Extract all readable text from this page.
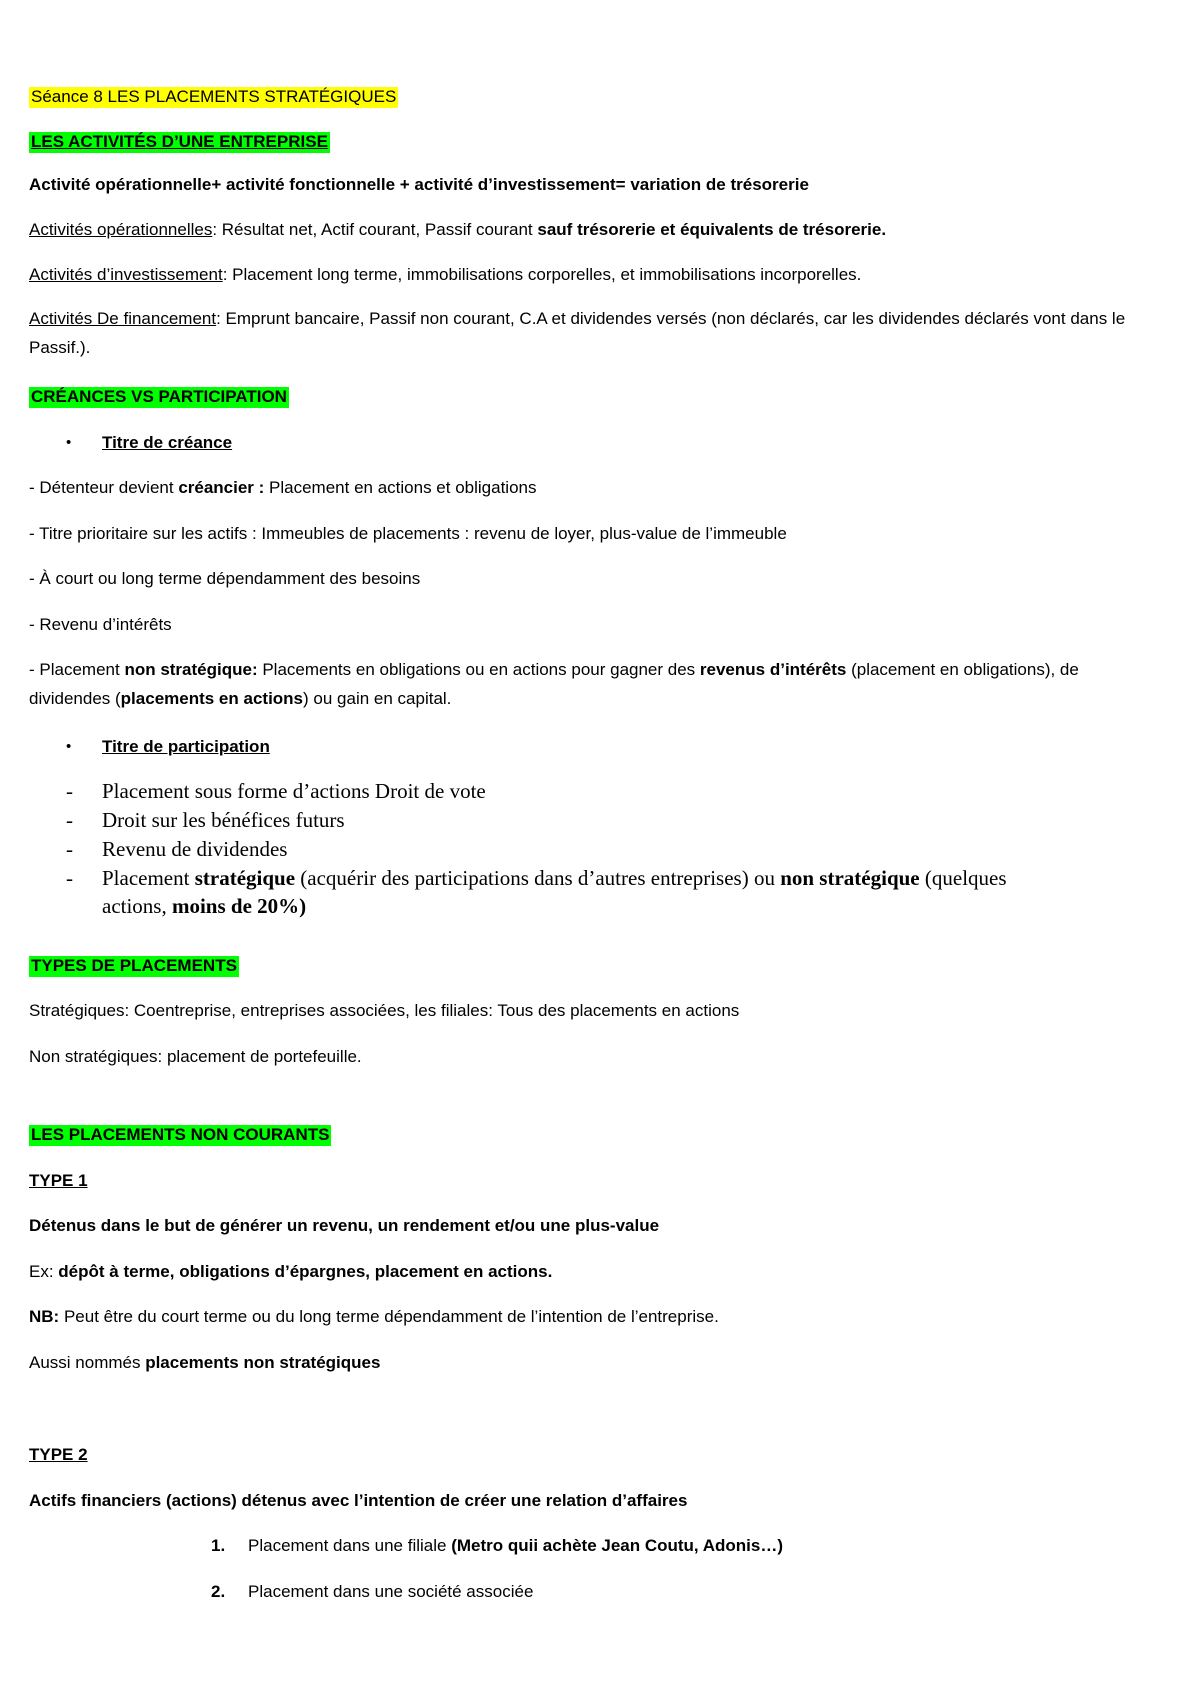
Séance 8 LES PLACEMENTS STRATÉGIQUES
LES ACTIVITÉS D’UNE ENTREPRISE
Activité opérationnelle+ activité fonctionnelle + activité d’investissement= variation de trésorerie
Activités opérationnelles: Résultat net, Actif courant, Passif courant sauf trésorerie et équivalents de trésorerie.
Activités d’investissement: Placement long terme, immobilisations corporelles, et immobilisations incorporelles.
Activités De financement: Emprunt bancaire, Passif non courant, C.A et dividendes versés (non déclarés, car les dividendes déclarés vont dans le Passif.).
CRÉANCES VS PARTICIPATION
• Titre de créance
- Détenteur devient créancier : Placement en actions et obligations
- Titre prioritaire sur les actifs : Immeubles de placements : revenu de loyer, plus-value de l’immeuble
- À court ou long terme dépendamment des besoins
- Revenu d’intérêts
- Placement non stratégique: Placements en obligations ou en actions pour gagner des revenus d’intérêts (placement en obligations), de dividendes (placements en actions) ou gain en capital.
• Titre de participation
- Placement sous forme d’actions Droit de vote
- Droit sur les bénéfices futurs
- Revenu de dividendes
- Placement stratégique (acquérir des participations dans d’autres entreprises) ou non stratégique (quelques
actions, moins de 20%)
TYPES DE PLACEMENTS
Stratégiques: Coentreprise, entreprises associées, les filiales: Tous des placements en actions
Non stratégiques: placement de portefeuille.
LES PLACEMENTS NON COURANTS
TYPE 1
Détenus dans le but de générer un revenu, un rendement et/ou une plus-value
Ex: dépôt à terme, obligations d’épargnes, placement en actions.
NB: Peut être du court terme ou du long terme dépendamment de l’intention de l’entreprise.
Aussi nommés placements non stratégiques
TYPE 2
Actifs financiers (actions) détenus avec l’intention de créer une relation d’affaires
1. Placement dans une filiale (Metro quii achète Jean Coutu, Adonis…)
2. Placement dans une société associée
